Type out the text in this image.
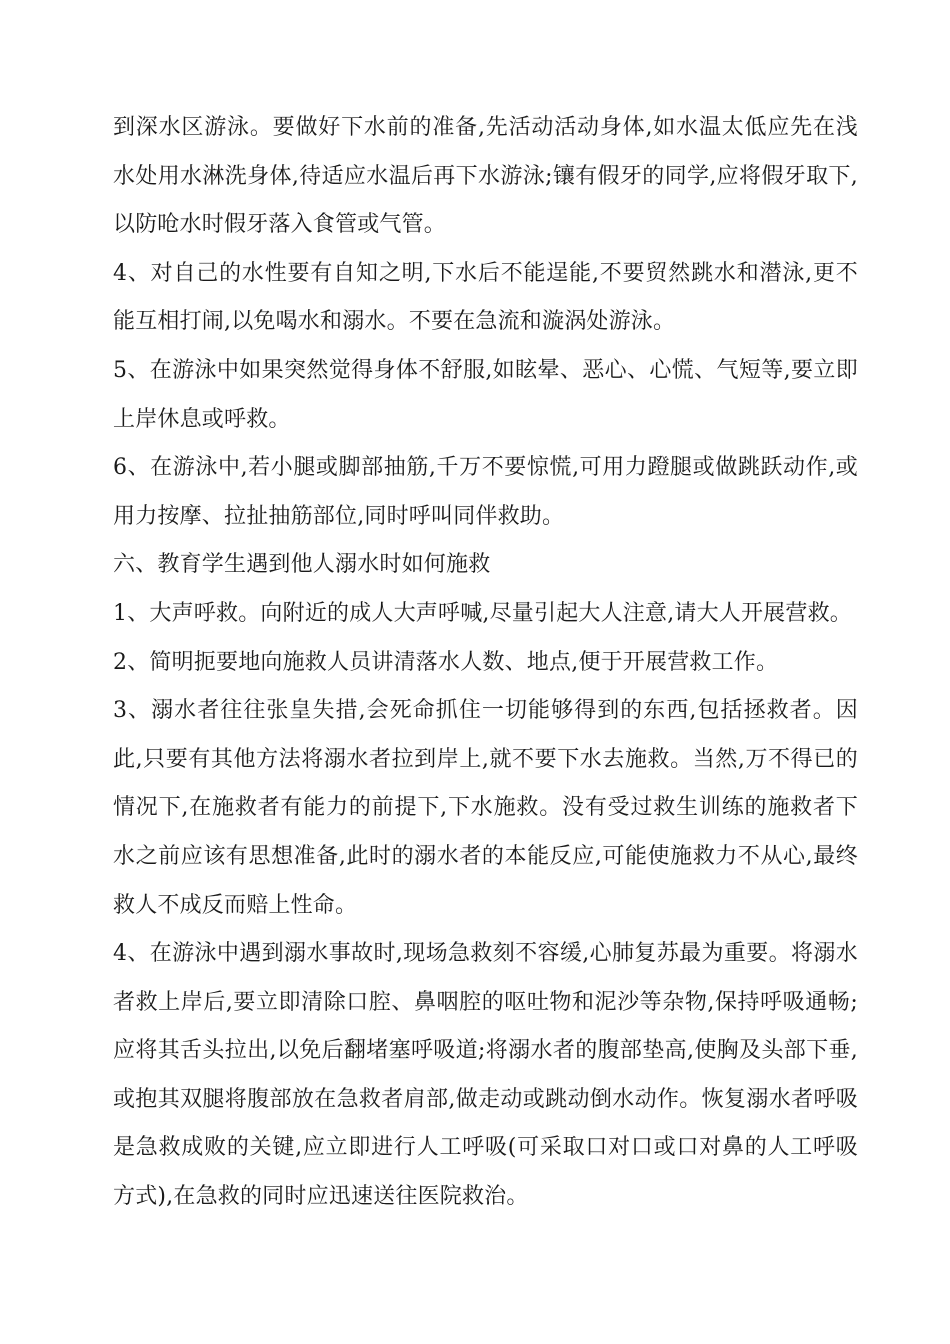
到深水区游泳。要做好下水前的准备,先活动活动身体,如水温太低应先在浅水处用水淋洗身体,待适应水温后再下水游泳;镶有假牙的同学,应将假牙取下,以防呛水时假牙落入食管或气管。

4、对自己的水性要有自知之明,下水后不能逞能,不要贸然跳水和潜泳,更不能互相打闹,以免喝水和溺水。不要在急流和漩涡处游泳。

5、在游泳中如果突然觉得身体不舒服,如眩晕、恶心、心慌、气短等,要立即上岸休息或呼救。

6、在游泳中,若小腿或脚部抽筋,千万不要惊慌,可用力蹬腿或做跳跃动作,或用力按摩、拉扯抽筋部位,同时呼叫同伴救助。

六、教育学生遇到他人溺水时如何施救

1、大声呼救。向附近的成人大声呼喊,尽量引起大人注意,请大人开展营救。

2、简明扼要地向施救人员讲清落水人数、地点,便于开展营救工作。

3、溺水者往往张皇失措,会死命抓住一切能够得到的东西,包括拯救者。因此,只要有其他方法将溺水者拉到岸上,就不要下水去施救。当然,万不得已的情况下,在施救者有能力的前提下,下水施救。没有受过救生训练的施救者下水之前应该有思想准备,此时的溺水者的本能反应,可能使施救力不从心,最终救人不成反而赔上性命。

4、在游泳中遇到溺水事故时,现场急救刻不容缓,心肺复苏最为重要。将溺水者救上岸后,要立即清除口腔、鼻咽腔的呕吐物和泥沙等杂物,保持呼吸通畅;应将其舌头拉出,以免后翻堵塞呼吸道;将溺水者的腹部垫高,使胸及头部下垂,或抱其双腿将腹部放在急救者肩部,做走动或跳动倒水动作。恢复溺水者呼吸是急救成败的关键,应立即进行人工呼吸(可采取口对口或口对鼻的人工呼吸方式),在急救的同时应迅速送往医院救治。
